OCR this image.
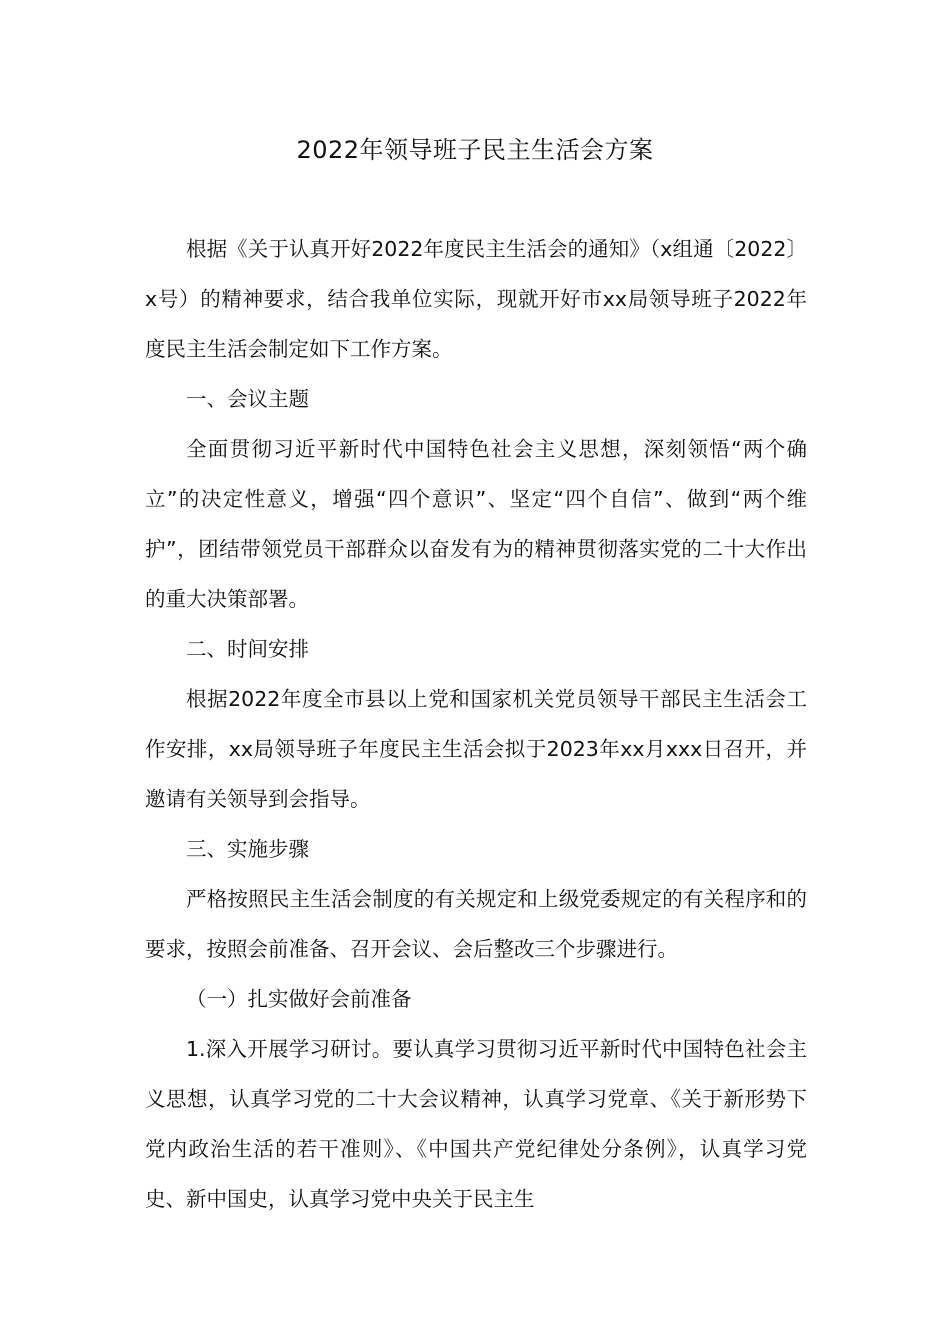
2022年领导班子民主生活会方案

根据《关于认真开好2022年度民主生活会的通知》（x组通〔2022〕x号）的精神要求，结合我单位实际，现就开好市xx局领导班子2022年度民主生活会制定如下工作方案。

一、会议主题

全面贯彻习近平新时代中国特色社会主义思想，深刻领悟“两个确立”的决定性意义，增强“四个意识”、坚定“四个自信”、做到“两个维护”，团结带领党员干部群众以奋发有为的精神贯彻落实党的二十大作出的重大决策部署。

二、时间安排

根据2022年度全市县以上党和国家机关党员领导干部民主生活会工作安排，xx局领导班子年度民主生活会拟于2023年xx月xxx日召开，并邀请有关领导到会指导。

三、实施步骤

严格按照民主生活会制度的有关规定和上级党委规定的有关程序和的要求，按照会前准备、召开会议、会后整改三个步骤进行。

（一）扎实做好会前准备

1.深入开展学习研讨。要认真学习贯彻习近平新时代中国特色社会主义思想，认真学习党的二十大会议精神，认真学习党章、《关于新形势下党内政治生活的若干准则》、《中国共产党纪律处分条例》，认真学习党史、新中国史，认真学习党中央关于民主生
